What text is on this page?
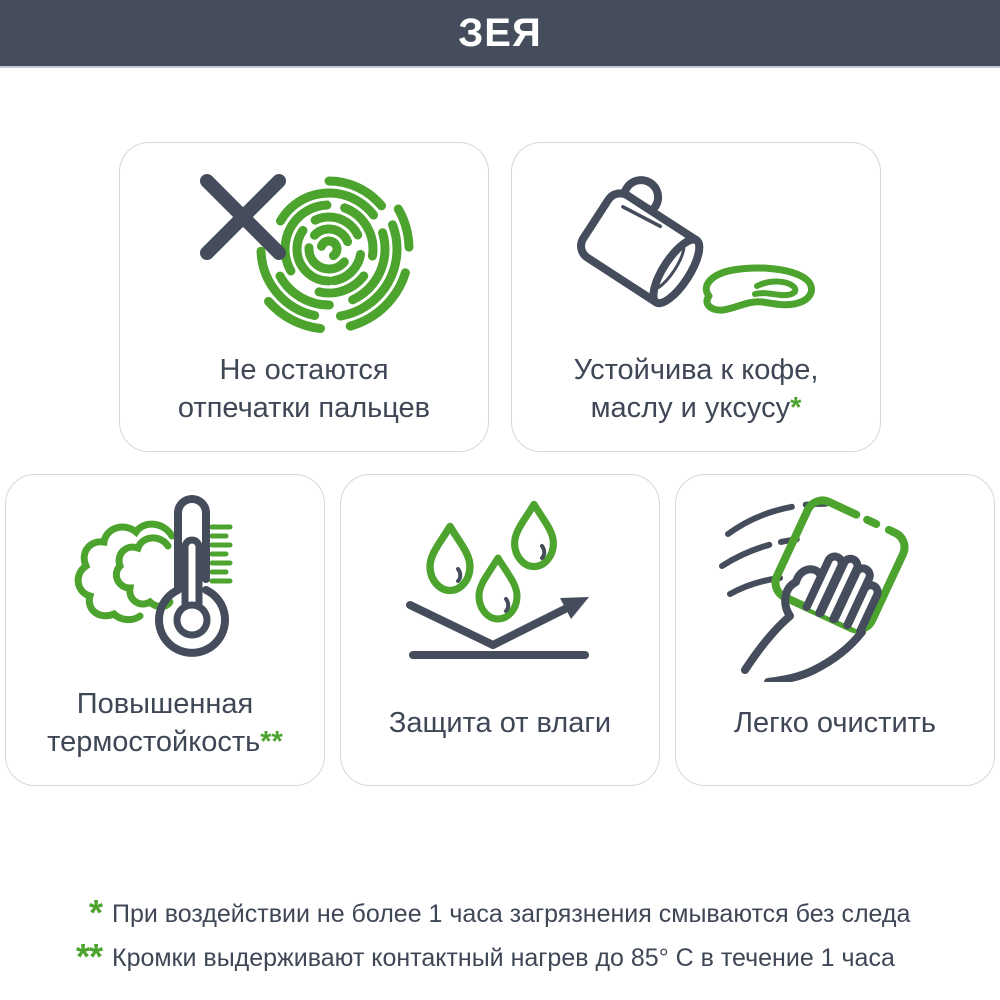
ЗЕЯ
Не остаются
отпечатки пальцев
Устойчива к кофе,
маслу и уксусу*
Повышенная
термостойкость**
Защита от влаги	Легко очистить
* При воздействии не более 1 часа загрязнения смываются без следа
** Кромки выдерживают контактный нагрев до 85° С в течение 1 часа
